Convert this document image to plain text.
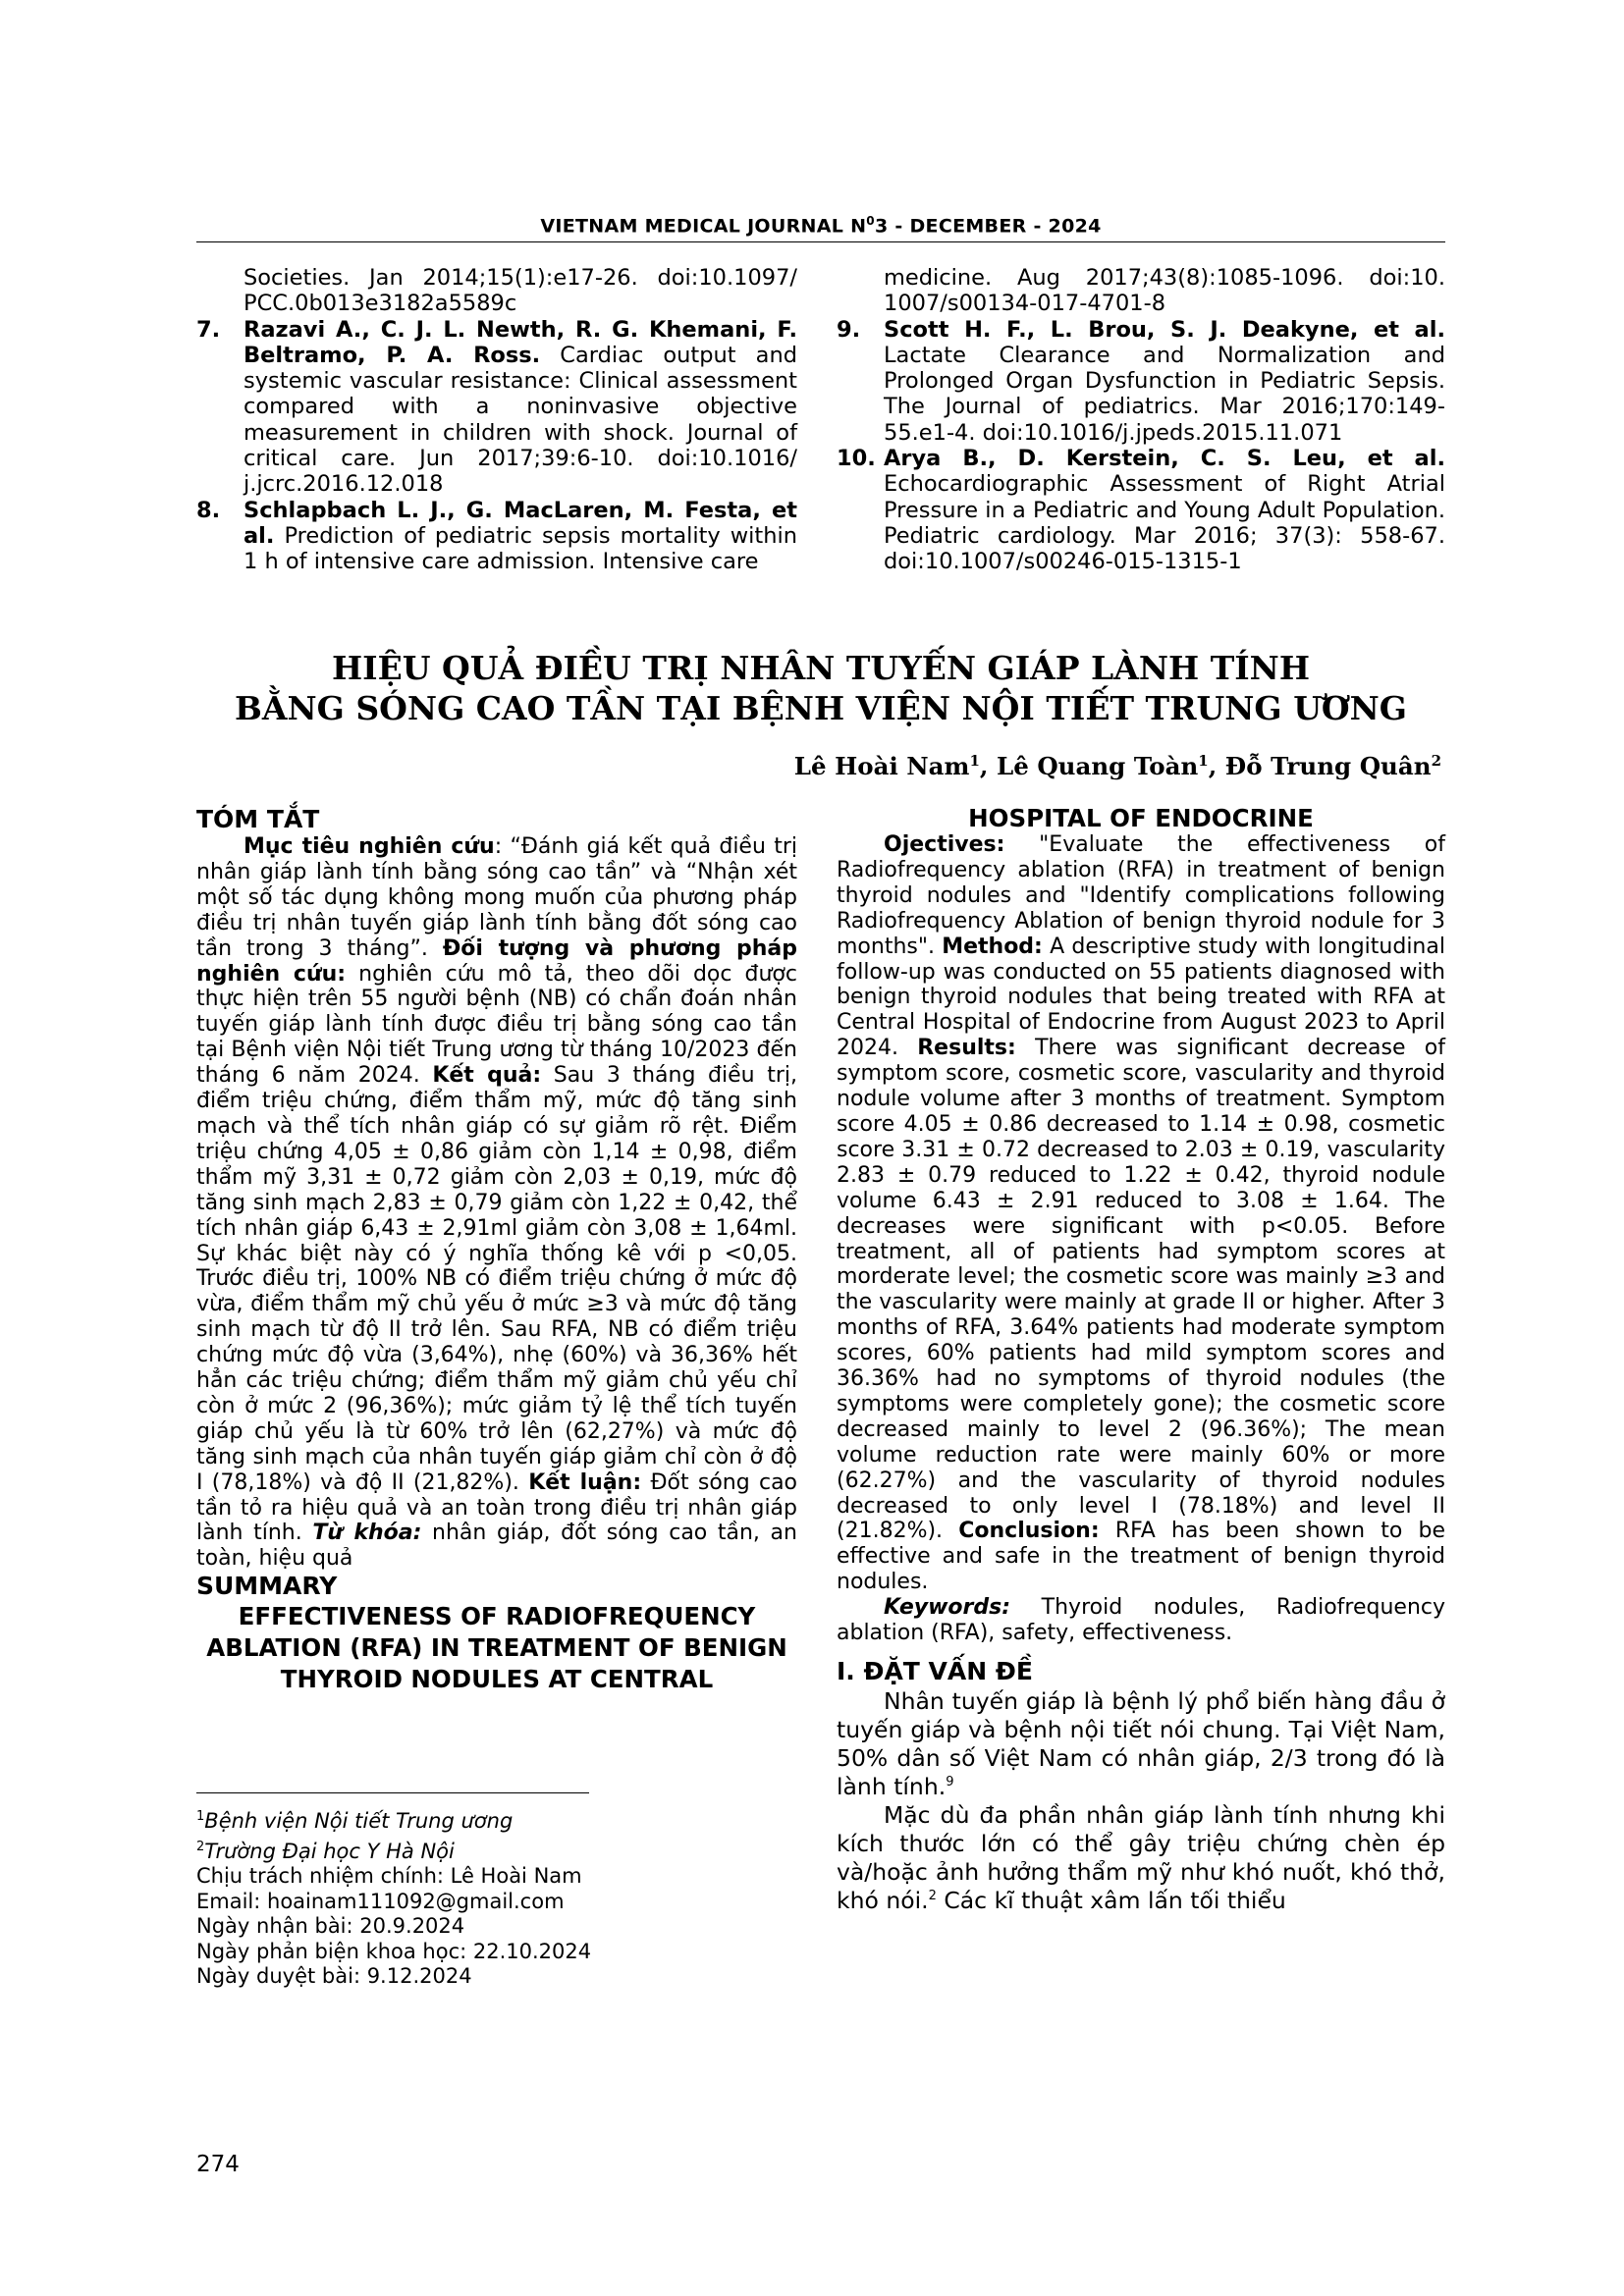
VIETNAM MEDICAL JOURNAL $N^03$ - DECEMBER - 2024

Societies. Jan 2014;15(1):e17-26. doi:10.1097/ PCC.0b013e3182a5589c

7. Razavi A., C. J. L. Newth, R. G. Khemani, F. Beltramo, P. A. Ross. Cardiac output and systemic vascular resistance: Clinical assessment compared with a noninvasive objective measurement in children with shock. Journal of critical care. Jun 2017;39:6-10. doi:10.1016/ j.jcrc.2016.12.018

8. Schlapbach L. J., G. MacLaren, M. Festa, et al. Prediction of pediatric sepsis mortality within 1 h of intensive care admission. Intensive care

medicine. Aug 2017;43(8):1085-1096. doi:10. 1007/s00134-017-4701-8

9. Scott H. F., L. Brou, S. J. Deakyne, et al. Lactate Clearance and Normalization and Prolonged Organ Dysfunction in Pediatric Sepsis. The Journal of pediatrics. Mar 2016;170:149-55.e1-4. doi:10.1016/j.jpeds.2015.11.071

10. Arya B., D. Kerstein, C. S. Leu, et al. Echocardiographic Assessment of Right Atrial Pressure in a Pediatric and Young Adult Population. Pediatric cardiology. Mar 2016; 37(3): 558-67. doi:10.1007/s00246-015-1315-1

HIỆU QUẢ ĐIỀU TRỊ NHÂN TUYẾN GIÁP LÀNH TÍNH
BẰNG SÓNG CAO TẦN TẠI BỆNH VIỆN NỘI TIẾT TRUNG ƯƠNG
Lê Hoài Nam$^1$, Lê Quang Toàn$^1$, Đỗ Trung Quân$^2$

TÓM TẮT

Mục tiêu nghiên cứu: “Đánh giá kết quả điều trị nhân giáp lành tính bằng sóng cao tần” và “Nhận xét một số tác dụng không mong muốn của phương pháp điều trị nhân tuyến giáp lành tính bằng đốt sóng cao tần trong 3 tháng”. Đối tượng và phương pháp nghiên cứu: nghiên cứu mô tả, theo dõi dọc được thực hiện trên 55 người bệnh (NB) có chẩn đoán nhân tuyến giáp lành tính được điều trị bằng sóng cao tần tại Bệnh viện Nội tiết Trung ương từ tháng 10/2023 đến tháng 6 năm 2024. Kết quả: Sau 3 tháng điều trị, điểm triệu chứng, điểm thẩm mỹ, mức độ tăng sinh mạch và thể tích nhân giáp có sự giảm rõ rệt. Điểm triệu chứng 4,05 ± 0,86 giảm còn 1,14 ± 0,98, điểm thẩm mỹ 3,31 ± 0,72 giảm còn 2,03 ± 0,19, mức độ tăng sinh mạch 2,83 ± 0,79 giảm còn 1,22 ± 0,42, thể tích nhân giáp 6,43 ± 2,91ml giảm còn 3,08 ± 1,64ml. Sự khác biệt này có ý nghĩa thống kê với p <0,05. Trước điều trị, 100% NB có điểm triệu chứng ở mức độ vừa, điểm thẩm mỹ chủ yếu ở mức ≥3 và mức độ tăng sinh mạch từ độ II trở lên. Sau RFA, NB có điểm triệu chứng mức độ vừa (3,64%), nhẹ (60%) và 36,36% hết hẳn các triệu chứng; điểm thẩm mỹ giảm chủ yếu chỉ còn ở mức 2 (96,36%); mức giảm tỷ lệ thể tích tuyến giáp chủ yếu là từ 60% trở lên (62,27%) và mức độ tăng sinh mạch của nhân tuyến giáp giảm chỉ còn ở độ I (78,18%) và độ II (21,82%). Kết luận: Đốt sóng cao tần tỏ ra hiệu quả và an toàn trong điều trị nhân giáp lành tính. Từ khóa: nhân giáp, đốt sóng cao tần, an toàn, hiệu quả

SUMMARY

EFFECTIVENESS OF RADIOFREQUENCY ABLATION (RFA) IN TREATMENT OF BENIGN THYROID NODULES AT CENTRAL

HOSPITAL OF ENDOCRINE

Ojectives: "Evaluate the effectiveness of Radiofrequency ablation (RFA) in treatment of benign thyroid nodules and "Identify complications following Radiofrequency Ablation of benign thyroid nodule for 3 months". Method: A descriptive study with longitudinal follow-up was conducted on 55 patients diagnosed with benign thyroid nodules that being treated with RFA at Central Hospital of Endocrine from August 2023 to April 2024. Results: There was significant decrease of symptom score, cosmetic score, vascularity and thyroid nodule volume after 3 months of treatment. Symptom score 4.05 ± 0.86 decreased to 1.14 ± 0.98, cosmetic score 3.31 ± 0.72 decreased to 2.03 ± 0.19, vascularity 2.83 ± 0.79 reduced to 1.22 ± 0.42, thyroid nodule volume 6.43 ± 2.91 reduced to 3.08 ± 1.64. The decreases were significant with p<0.05. Before treatment, all of patients had symptom scores at morderate level; the cosmetic score was mainly ≥3 and the vascularity were mainly at grade II or higher. After 3 months of RFA, 3.64% patients had moderate symptom scores, 60% patients had mild symptom scores and 36.36% had no symptoms of thyroid nodules (the symptoms were completely gone); the cosmetic score decreased mainly to level 2 (96.36%); The mean volume reduction rate were mainly 60% or more (62.27%) and the vascularity of thyroid nodules decreased to only level I (78.18%) and level II (21.82%). Conclusion: RFA has been shown to be effective and safe in the treatment of benign thyroid nodules.

Keywords: Thyroid nodules, Radiofrequency ablation (RFA), safety, effectiveness.

I. ĐẶT VẤN ĐỀ

Nhân tuyến giáp là bệnh lý phổ biến hàng đầu ở tuyến giáp và bệnh nội tiết nói chung. Tại Việt Nam, 50% dân số Việt Nam có nhân giáp, 2/3 trong đó là lành tính.$^9$

Mặc dù đa phần nhân giáp lành tính nhưng khi kích thước lớn có thể gây triệu chứng chèn ép và/hoặc ảnh hưởng thẩm mỹ như khó nuốt, khó thở, khó nói.$^2$ Các kĩ thuật xâm lấn tối thiểu

$^1$Bệnh viện Nội tiết Trung ương

$^2$Trường Đại học Y Hà Nội

Chịu trách nhiệm chính: Lê Hoài Nam

Email: hoainam111092@gmail.com

Ngày nhận bài: 20.9.2024

Ngày phản biện khoa học: 22.10.2024

Ngày duyệt bài: 9.12.2024

274
